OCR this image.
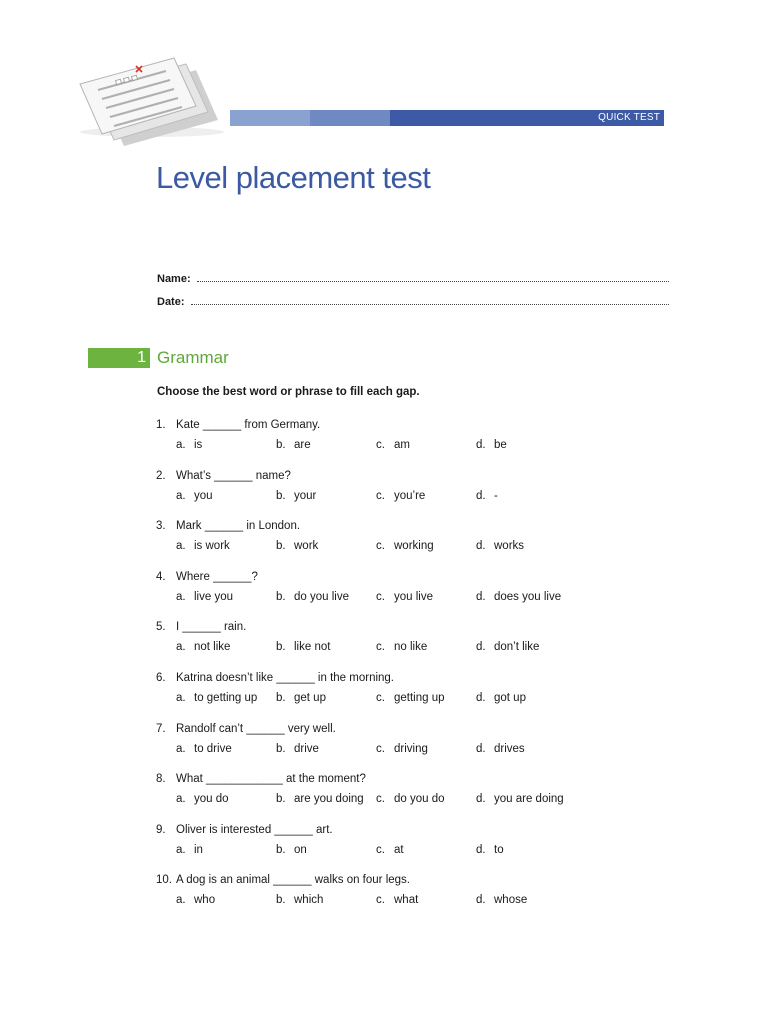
QUICK TEST
Level placement test
Name:
Date:
1 Grammar
Choose the best word or phrase to fill each gap.
1. Kate ______ from Germany.
a. is	b. are	c. am	d. be
2. What’s ______ name?
a. you	b. your	c. you’re	d. -
3. Mark ______ in London.
a. is work	b. work	c. working	d. works
4. Where ______?
a. live you	b. do you live c. you live	d. does you live
5. I ______ rain.
a. not like	b. like not	c. no like	d. don’t like
6. Katrina doesn’t like ______ in the morning.
a. to getting up b. get up	c. getting up	d. got up
7. Randolf can’t ______ very well.
a. to drive	b. drive	c. driving	d. drives
8. What ____________ at the moment?
a. you do	b. are you doing c. do you do	d. you are doing
9. Oliver is interested ______ art.
a. in	b. on	c. at	d. to
10. A dog is an animal ______ walks on four legs.
a. who	b. which	c. what	d. whose
